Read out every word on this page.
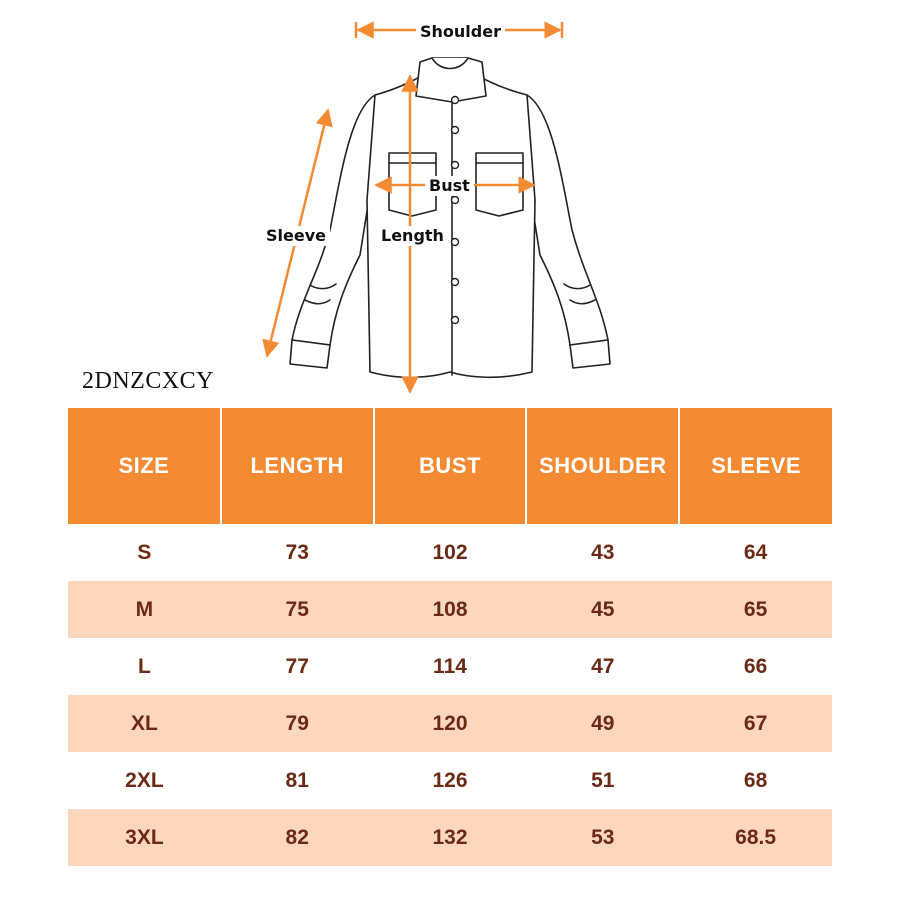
Shoulder
Bust
Length
Sleeve
2DNZCXCY
SIZE	LENGTH	BUST	SHOULDER	SLEEVE
S	73	102	43	64
M	75	108	45	65
L	77	114	47	66
XL	79	120	49	67
2XL	81	126	51	68
3XL	82	132	53	68.5
